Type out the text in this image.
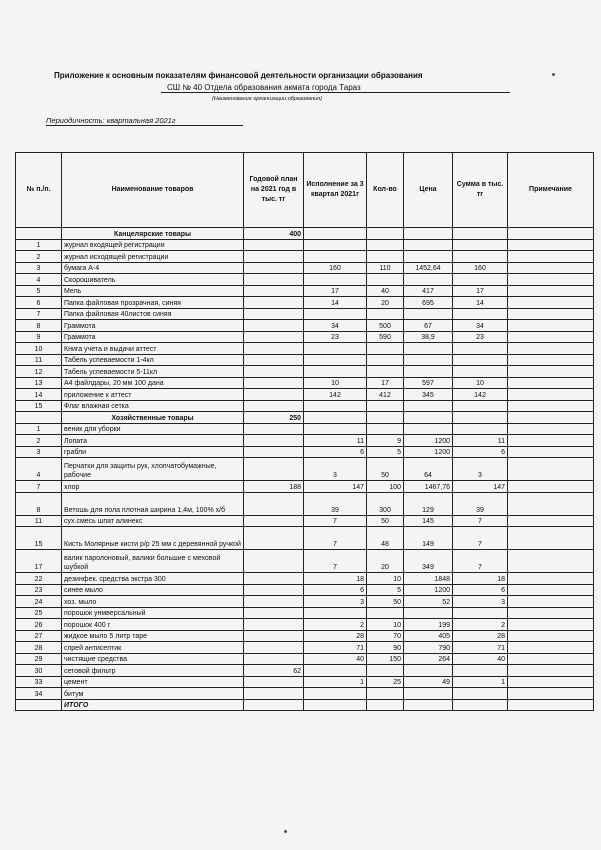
Приложение к основным показателям финансовой деятельности организации образования
СШ № 40 Отдела образования акмата города Тараз
(Наименование организации образования)
Периодичность: квартальная 2021г
№ п./п.	Наименование товаров	Годовой план на 2021 год в тыс. тг	Исполнение за 3 квартал 2021г	Кол-во	Цена	Сумма в тыс. тг	Примечание
	Канцелярские товары	400					
1	журнал входящей регистрации						
2	журнал исходящей регистрации						
3	бумага А-4		160	110	1452,64	160	
4	Скорошиватель						
5	Мель		17	40	417	17	
6	Папка файловая прозрачная, синяя		14	20	695	14	
7	Папка файловая 40листов синяя						
8	Граммота		34	500	67	34	
9	Граммота		23	590	38,9	23	
10	Книга учета и выдачи аттест						
11	Табель успеваемости 1-4кл						
12	Табель успеваемости 5-11кл						
13	А4 файлдары, 20 мм 100 дана		10	17	597	10	
14	приложение к аттест		142	412	345	142	
15	Флаг влажная сетка						
	Хозяйственные товары	250					
1	веник для уборки						
2	Лопата		11	9	1200	11	
3	грабли		6	5	1200	6	
4	Перчатки для защиты рук, хлопчатобумажные, рабочие		3	50	64	3	
7	хлор	188	147	100	1467,76	147	
8	Ветошь для пола плотная ширина 1,4м, 100% х/б		39	300	129	39	
11	сух.смесь шпат алинекс		7	50	145	7	
15	Кисть Молярные кисти р/р 25 мм с деревянной ручкой		7	48	149	7	
17	валик паролоновый, валики большие с меховой шубкой		7	20	349	7	
22	дезинфек. средства экстра 300		18	10	1848	18	
23	синее мыло		6	5	1200	6	
24	хоз. мыло		3	50	52	3	
25	порошок унмверсальный						
26	порошок 400 г		2	10	199	2	
27	жидкое мыло 5 литр таре		28	70	405	28	
28	спрей антисептик		71	90	790	71	
29	чистящие средства		40	150	264	40	
30	сетовой фильтр	62					
33	цемент		1	25	49	1	
34	битум						
	ИТОГО						
